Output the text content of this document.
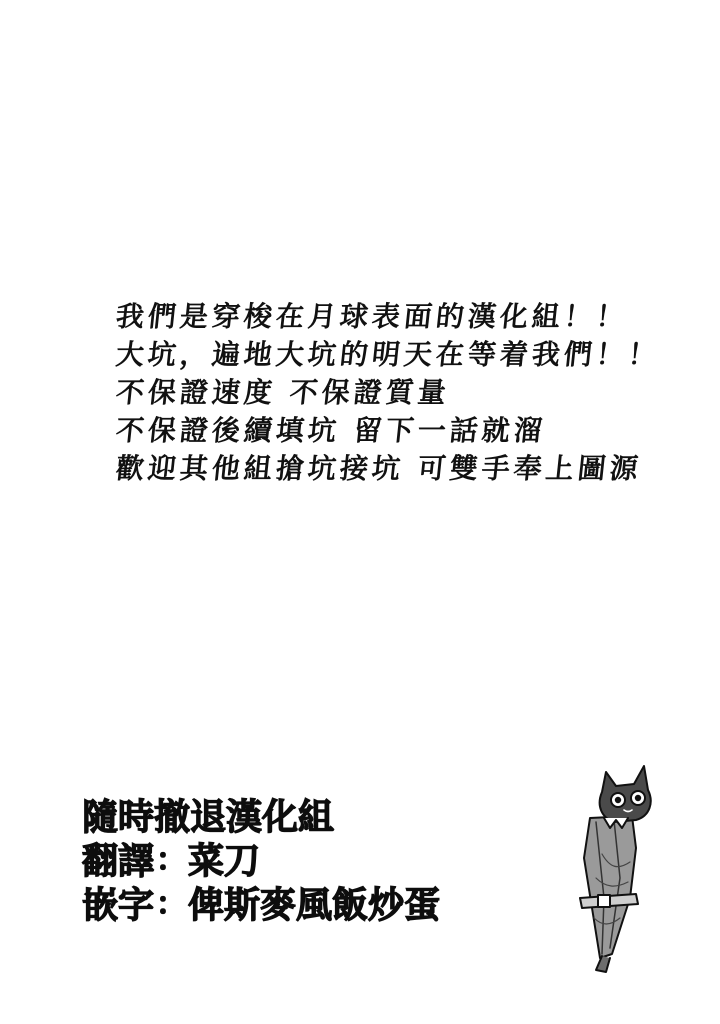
我們是穿梭在月球表面的漢化組！！
大坑，遍地大坑的明天在等着我們！！
不保證速度 不保證質量
不保證後續填坑 留下一話就溜
歡迎其他組搶坑接坑 可雙手奉上圖源
隨時撤退漢化組
翻譯：菜刀
嵌字：俾斯麥風飯炒蛋
